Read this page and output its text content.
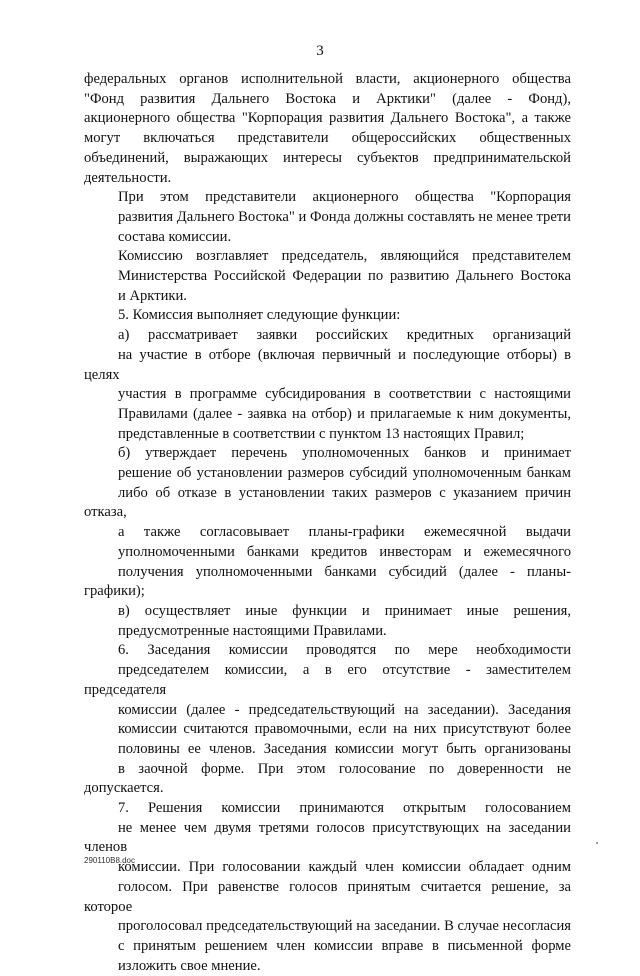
3

федеральных органов исполнительной власти, акционерного общества
"Фонд развития Дальнего Востока и Арктики" (далее - Фонд),
акционерного общества "Корпорация развития Дальнего Востока", а также
могут включаться представители общероссийских общественных
объединений, выражающих интересы субъектов предпринимательской
деятельности.

При этом представители акционерного общества "Корпорация
развития Дальнего Востока" и Фонда должны составлять не менее трети
состава комиссии.

Комиссию возглавляет председатель, являющийся представителем
Министерства Российской Федерации по развитию Дальнего Востока
и Арктики.

5. Комиссия выполняет следующие функции:

а) рассматривает заявки российских кредитных организаций
на участие в отборе (включая первичный и последующие отборы) в целях
участия в программе субсидирования в соответствии с настоящими
Правилами (далее - заявка на отбор) и прилагаемые к ним документы,
представленные в соответствии с пунктом 13 настоящих Правил;

б) утверждает перечень уполномоченных банков и принимает
решение об установлении размеров субсидий уполномоченным банкам
либо об отказе в установлении таких размеров с указанием причин отказа,
а также согласовывает планы-графики ежемесячной выдачи
уполномоченными банками кредитов инвесторам и ежемесячного
получения уполномоченными банками субсидий (далее - планы-графики);

в) осуществляет иные функции и принимает иные решения,
предусмотренные настоящими Правилами.

6. Заседания комиссии проводятся по мере необходимости
председателем комиссии, а в его отсутствие - заместителем председателя
комиссии (далее - председательствующий на заседании). Заседания
комиссии считаются правомочными, если на них присутствуют более
половины ее членов. Заседания комиссии могут быть организованы
в заочной форме. При этом голосование по доверенности не допускается.

7. Решения комиссии принимаются открытым голосованием
не менее чем двумя третями голосов присутствующих на заседании членов
комиссии. При голосовании каждый член комиссии обладает одним
голосом. При равенстве голосов принятым считается решение, за которое
проголосовал председательствующий на заседании. В случае несогласия
с принятым решением член комиссии вправе в письменной форме
изложить свое мнение.

290110B8.doc
